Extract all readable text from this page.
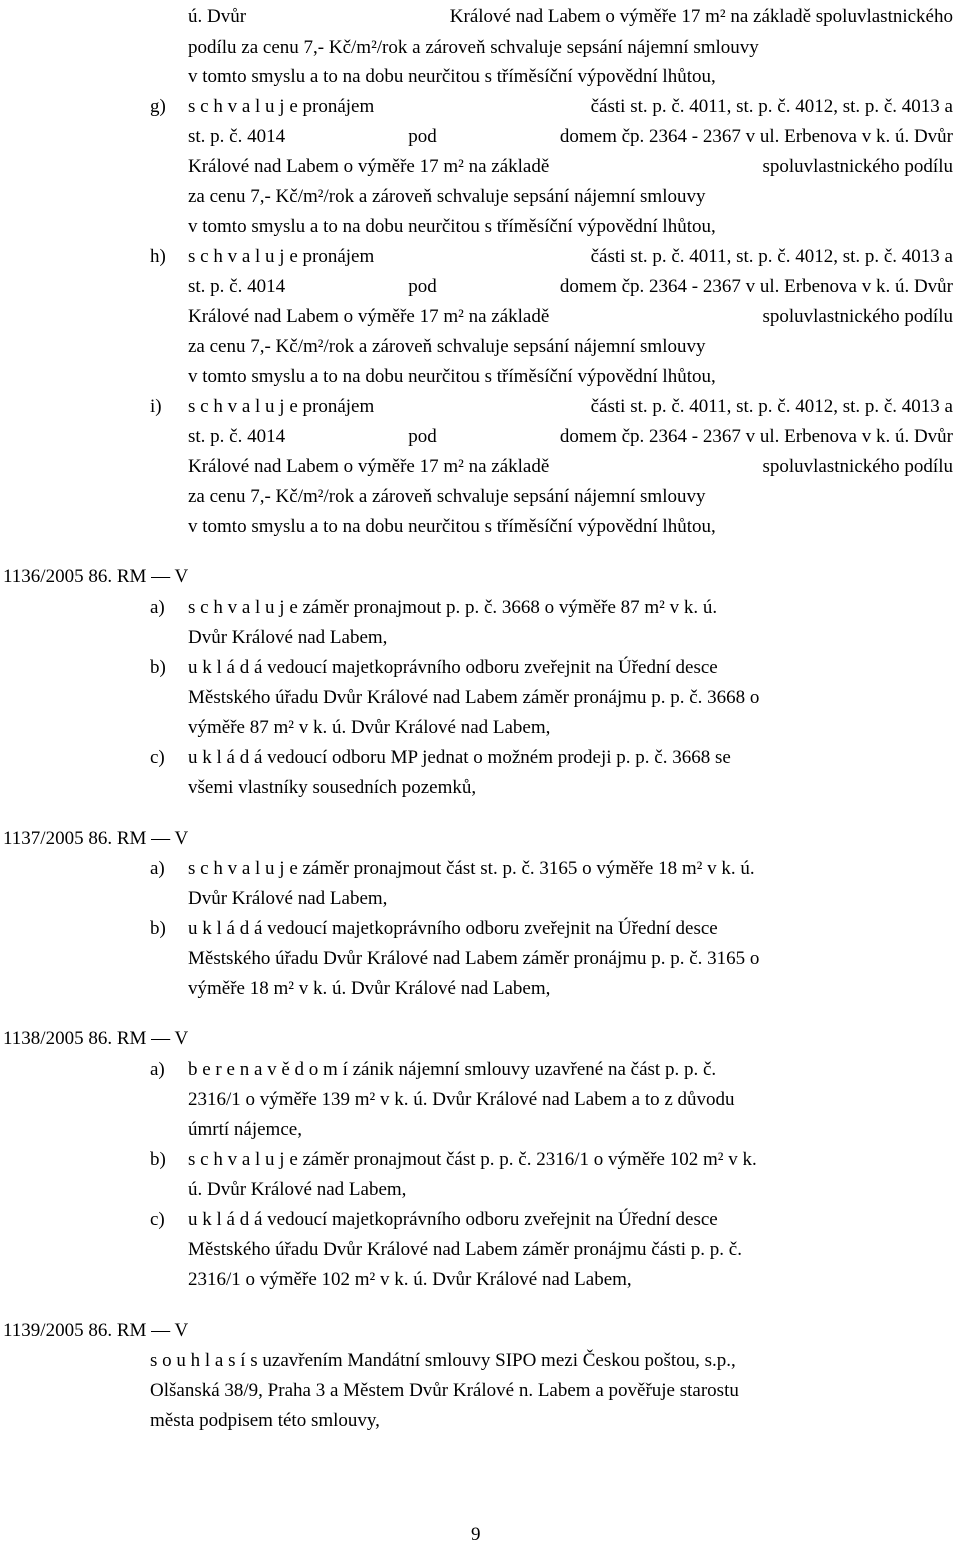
ú. Dvůr	Králové nad Labem o výměře 17 m² na základě spoluvlastnického
podílu za cenu 7,- Kč/m²/rok a zároveň schvaluje sepsání nájemní smlouvy
v tomto smyslu a to na dobu neurčitou s tříměsíční výpovědní lhůtou,
g) s c h v a l u j e pronájem	části st. p. č. 4011, st. p. č. 4012, st. p. č. 4013 a
st. p. č. 4014	pod	domem čp. 2364 - 2367 v ul. Erbenova v k. ú. Dvůr
Králové nad Labem o výměře 17 m² na základě	spoluvlastnického podílu
za cenu 7,- Kč/m²/rok a zároveň schvaluje sepsání nájemní smlouvy
v tomto smyslu a to na dobu neurčitou s tříměsíční výpovědní lhůtou,
h) s c h v a l u j e pronájem	části st. p. č. 4011, st. p. č. 4012, st. p. č. 4013 a
st. p. č. 4014	pod	domem čp. 2364 - 2367 v ul. Erbenova v k. ú. Dvůr
Králové nad Labem o výměře 17 m² na základě	spoluvlastnického podílu
za cenu 7,- Kč/m²/rok a zároveň schvaluje sepsání nájemní smlouvy
v tomto smyslu a to na dobu neurčitou s tříměsíční výpovědní lhůtou,
i) s c h v a l u j e pronájem	části st. p. č. 4011, st. p. č. 4012, st. p. č. 4013 a
st. p. č. 4014	pod	domem čp. 2364 - 2367 v ul. Erbenova v k. ú. Dvůr
Králové nad Labem o výměře 17 m² na základě	spoluvlastnického podílu
za cenu 7,- Kč/m²/rok a zároveň schvaluje sepsání nájemní smlouvy
v tomto smyslu a to na dobu neurčitou s tříměsíční výpovědní lhůtou,
1136/2005 86. RM — V
a) s c h v a l u j e záměr pronajmout p. p. č. 3668 o výměře 87 m² v k. ú.
Dvůr Králové nad Labem,
b) u k l á d á vedoucí majetkoprávního odboru zveřejnit na Úřední desce
Městského úřadu Dvůr Králové nad Labem záměr pronájmu p. p. č. 3668 o
výměře 87 m² v k. ú. Dvůr Králové nad Labem,
c) u k l á d á vedoucí odboru MP jednat o možném prodeji p. p. č. 3668 se
všemi vlastníky sousedních pozemků,
1137/2005 86. RM — V
a) s c h v a l u j e záměr pronajmout část st. p. č. 3165 o výměře 18 m² v k. ú.
Dvůr Králové nad Labem,
b) u k l á d á vedoucí majetkoprávního odboru zveřejnit na Úřední desce
Městského úřadu Dvůr Králové nad Labem záměr pronájmu p. p. č. 3165 o
výměře 18 m² v k. ú. Dvůr Králové nad Labem,
1138/2005 86. RM — V
a) b e r e n a v ě d o m í zánik nájemní smlouvy uzavřené na část p. p. č.
2316/1 o výměře 139 m² v k. ú. Dvůr Králové nad Labem a to z důvodu
úmrtí nájemce,
b) s c h v a l u j e záměr pronajmout část p. p. č. 2316/1 o výměře 102 m² v k.
ú. Dvůr Králové nad Labem,
c) u k l á d á vedoucí majetkoprávního odboru zveřejnit na Úřední desce
Městského úřadu Dvůr Králové nad Labem záměr pronájmu části p. p. č.
2316/1 o výměře 102 m² v k. ú. Dvůr Králové nad Labem,
1139/2005 86. RM — V
s o u h l a s í s uzavřením Mandátní smlouvy SIPO mezi Českou poštou, s.p.,
Olšanská 38/9, Praha 3 a Městem Dvůr Králové n. Labem a pověřuje starostu
města podpisem této smlouvy,
9
